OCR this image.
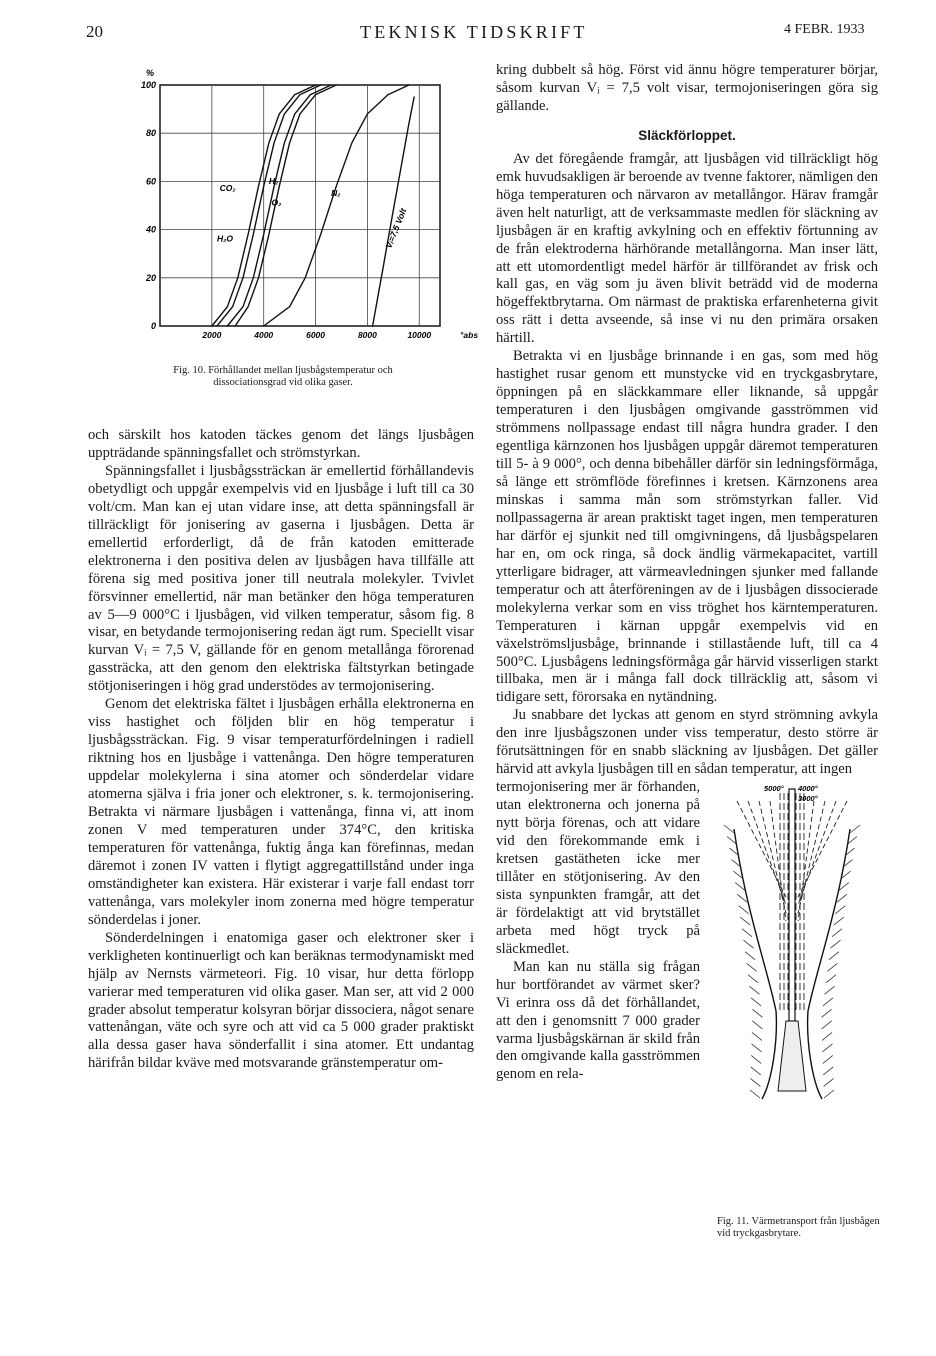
20	TEKNISK TIDSKRIFT	4 FEBR. 1933
0
20
40
60
80
100
2000	4000	6000	8000	10000
%
°abs
CO₂
H₂O
H₂
O₂
N₂
Vᵢ=7,5 Volt
Fig. 10. Förhållandet mellan ljusbågstemperatur och dissociationsgrad vid olika gaser.

och särskilt hos katoden täckes genom det längs ljusbågen uppträdande spänningsfallet och strömstyrkan.

Spänningsfallet i ljusbågssträckan är emellertid förhållandevis obetydligt och uppgår exempelvis vid en ljusbåge i luft till ca 30 volt/cm. Man kan ej utan vidare inse, att detta spänningsfall är tillräckligt för jonisering av gaserna i ljusbågen. Detta är emellertid erforderligt, då de från katoden emitterade elektronerna i den positiva delen av ljusbågen hava tillfälle att förena sig med positiva joner till neutrala molekyler. Tvivlet försvinner emellertid, när man betänker den höga temperaturen av 5—9 000°C i ljusbågen, vid vilken temperatur, såsom fig. 8 visar, en betydande termojonisering redan ägt rum. Speciellt visar kurvan Vᵢ = 7,5 V, gällande för en genom metallånga förorenad gassträcka, att den genom den elektriska fältstyrkan betingade stötjoniseringen i hög grad understödes av termojonisering.

Genom det elektriska fältet i ljusbågen erhålla elektronerna en viss hastighet och följden blir en hög temperatur i ljusbågssträckan. Fig. 9 visar temperaturfördelningen i radiell riktning hos en ljusbåge i vattenånga. Den högre temperaturen uppdelar molekylerna i sina atomer och sönderdelar vidare atomerna själva i fria joner och elektroner, s. k. termojonisering. Betrakta vi närmare ljusbågen i vattenånga, finna vi, att inom zonen V med temperaturen under 374°C, den kritiska temperaturen för vattenånga, fuktig ånga kan förefinnas, medan däremot i zonen IV vatten i flytigt aggregattillstånd under inga omständigheter kan existera. Här existerar i varje fall endast torr vattenånga, vars molekyler inom zonerna med högre temperatur sönderdelas i joner.

Sönderdelningen i enatomiga gaser och elektroner sker i verkligheten kontinuerligt och kan beräknas termodynamiskt med hjälp av Nernsts värmeteori. Fig. 10 visar, hur detta förlopp varierar med temperaturen vid olika gaser. Man ser, att vid 2 000 grader absolut temperatur kolsyran börjar dissociera, något senare vattenångan, väte och syre och att vid ca 5 000 grader praktiskt alla dessa gaser hava sönderfallit i sina atomer. Ett undantag härifrån bildar kväve med motsvarande gränstemperatur om-

kring dubbelt så hög. Först vid ännu högre temperaturer börjar, såsom kurvan Vᵢ = 7,5 volt visar, termojoniseringen göra sig gällande.

Släckförloppet.

Av det föregående framgår, att ljusbågen vid tillräckligt hög emk huvudsakligen är beroende av tvenne faktorer, nämligen den höga temperaturen och närvaron av metallångor. Härav framgår även helt naturligt, att de verksammaste medlen för släckning av ljusbågen är en kraftig avkylning och en effektiv förtunning av de från elektroderna härhörande metallångorna. Man inser lätt, att ett utomordentligt medel härför är tillförandet av frisk och kall gas, en väg som ju även blivit beträdd vid de moderna högeffektbrytarna. Om närmast de praktiska erfarenheterna givit oss rätt i detta avseende, så inse vi nu den primära orsaken härtill.

Betrakta vi en ljusbåge brinnande i en gas, som med hög hastighet rusar genom ett munstycke vid en tryckgasbrytare, öppningen på en släckkammare eller liknande, så uppgår temperaturen i den ljusbågen omgivande gasströmmen vid strömmens nollpassage endast till några hundra grader. I den egentliga kärnzonen hos ljusbågen uppgår däremot temperaturen till 5- à 9 000°, och denna bibehåller därför sin ledningsförmåga, så länge ett strömflöde förefinnes i kretsen. Kärnzonens area minskas i samma mån som strömstyrkan faller. Vid nollpassagerna är arean praktiskt taget ingen, men temperaturen har därför ej sjunkit ned till omgivningens, då ljusbågspelaren har en, om ock ringa, så dock ändlig värmekapacitet, vartill ytterligare bidrager, att värmeavledningen sjunker med fallande temperatur och att återföreningen av de i ljusbågen dissocierade molekylerna verkar som en viss tröghet hos kärntemperaturen. Temperaturen i kärnan uppgår exempelvis vid en växelströmsljusbåge, brinnande i stillastående luft, till ca 4 500°C. Ljusbågens ledningsförmåga går härvid visserligen starkt tillbaka, men är i många fall dock tillräcklig att, såsom vi tidigare sett, förorsaka en nytändning.

Ju snabbare det lyckas att genom en styrd strömning avkyla den inre ljusbågszonen under viss temperatur, desto större är förutsättningen för en snabb släckning av ljusbågen. Det gäller härvid att avkyla ljusbågen till en sådan temperatur, att ingen

5000° 4000°
3000°

termojonisering mer är förhanden, utan elektronerna och jonerna på nytt börja förenas, och att vidare vid den förekommande emk i kretsen gastätheten icke mer tillåter en stötjonisering. Av den sista synpunkten framgår, att det är fördelaktigt att vid brytstället arbeta med högt tryck på släckmedlet.

Man kan nu ställa sig frågan hur bortförandet av värmet sker? Vi erinra oss då det förhållandet, att den i genomsnitt 7 000 grader varma ljusbågskärnan är skild från den omgivande kalla gasströmmen genom en rela-

Fig. 11. Värmetransport från ljusbågen vid tryckgasbrytare.
